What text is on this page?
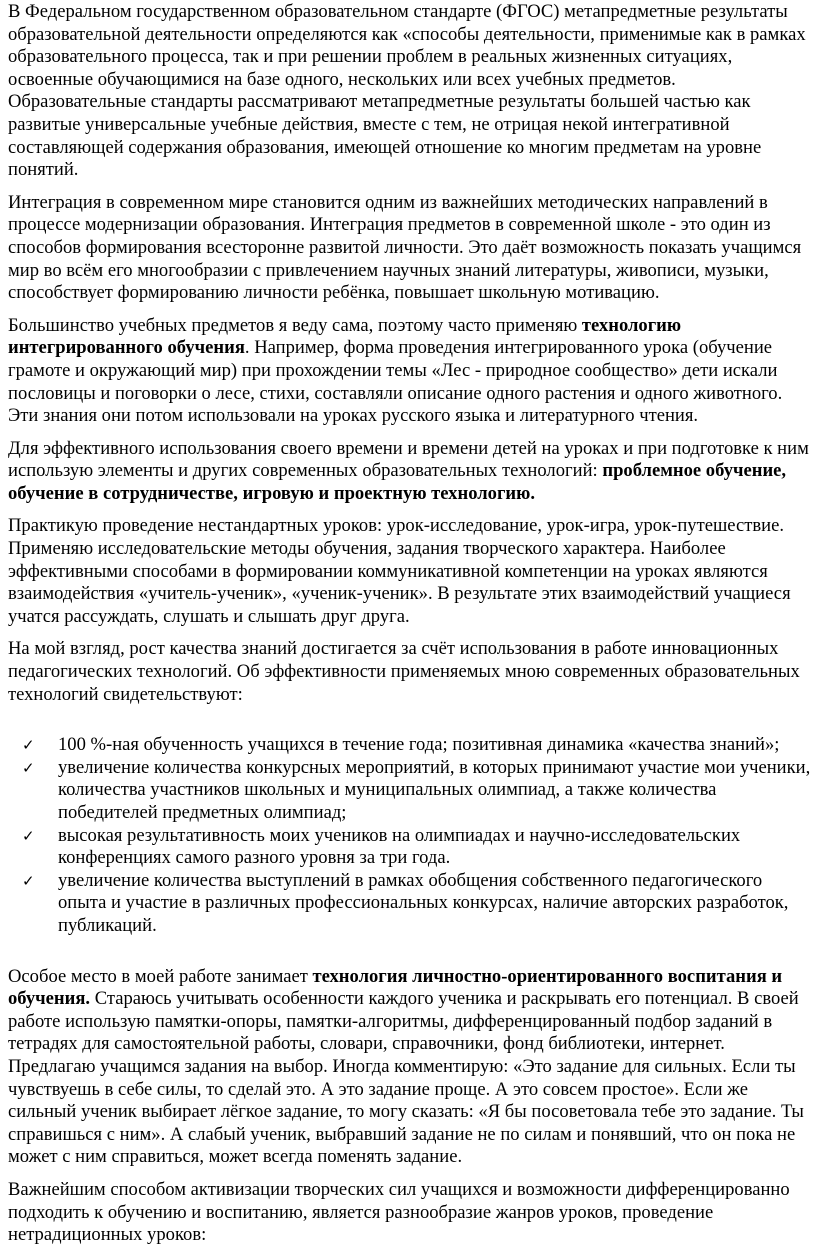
В Федеральном государственном образовательном стандарте (ФГОС) метапредметные результаты образовательной деятельности определяются как «способы деятельности, применимые как в рамках образовательного процесса, так и при решении проблем в реальных жизненных ситуациях, освоенные обучающимися на базе одного, нескольких или всех учебных предметов. Образовательные стандарты рассматривают метапредметные результаты большей частью как развитые универсальные учебные действия, вместе с тем, не отрицая некой интегративной составляющей содержания образования, имеющей отношение ко многим предметам на уровне понятий.

Интеграция в современном мире становится одним из важнейших методических направлений в процессе модернизации образования. Интеграция предметов в современной школе - это один из способов формирования всесторонне развитой личности. Это даёт возможность показать учащимся мир во всём его многообразии с привлечением научных знаний литературы, живописи, музыки, способствует формированию личности ребёнка, повышает школьную мотивацию.

Большинство учебных предметов я веду сама, поэтому часто применяю технологию интегрированного обучения. Например, форма проведения интегрированного урока (обучение грамоте и окружающий мир) при прохождении темы «Лес - природное сообщество» дети искали пословицы и поговорки о лесе, стихи, составляли описание одного растения и одного животного. Эти знания они потом использовали на уроках русского языка и литературного чтения.

Для эффективного использования своего времени и времени детей на уроках и при подготовке к ним использую элементы и других современных образовательных технологий: проблемное обучение, обучение в сотрудничестве, игровую и проектную технологию.

Практикую проведение нестандартных уроков: урок-исследование, урок-игра, урок-путешествие. Применяю исследовательские методы обучения, задания творческого характера. Наиболее эффективными способами в формировании коммуникативной компетенции на уроках являются взаимодействия «учитель-ученик», «ученик-ученик». В результате этих взаимодействий учащиеся учатся рассуждать, слушать и слышать друг друга.

На мой взгляд, рост качества знаний достигается за счёт использования в работе инновационных педагогических технологий. Об эффективности применяемых мною современных образовательных технологий свидетельствуют:

✓ 100 %-ная обученность учащихся в течение года; позитивная динамика «качества знаний»;
✓ увеличение количества конкурсных мероприятий, в которых принимают участие мои ученики, количества участников школьных и муниципальных олимпиад, а также количества победителей предметных олимпиад;
✓ высокая результативность моих учеников на олимпиадах и научно-исследовательских конференциях самого разного уровня за три года.
✓ увеличение количества выступлений в рамках обобщения собственного педагогического опыта и участие в различных профессиональных конкурсах, наличие авторских разработок, публикаций.

Особое место в моей работе занимает технология личностно-ориентированного воспитания и обучения. Стараюсь учитывать особенности каждого ученика и раскрывать его потенциал. В своей работе использую памятки-опоры, памятки-алгоритмы, дифференцированный подбор заданий в тетрадях для самостоятельной работы, словари, справочники, фонд библиотеки, интернет. Предлагаю учащимся задания на выбор. Иногда комментирую: «Это задание для сильных. Если ты чувствуешь в себе силы, то сделай это. А это задание проще. А это совсем простое». Если же сильный ученик выбирает лёгкое задание, то могу сказать: «Я бы посоветовала тебе это задание. Ты справишься с ним». А слабый ученик, выбравший задание не по силам и понявший, что он пока не может с ним справиться, может всегда поменять задание.

Важнейшим способом активизации творческих сил учащихся и возможности дифференцированно подходить к обучению и воспитанию, является разнообразие жанров уроков, проведение нетрадиционных уроков:
